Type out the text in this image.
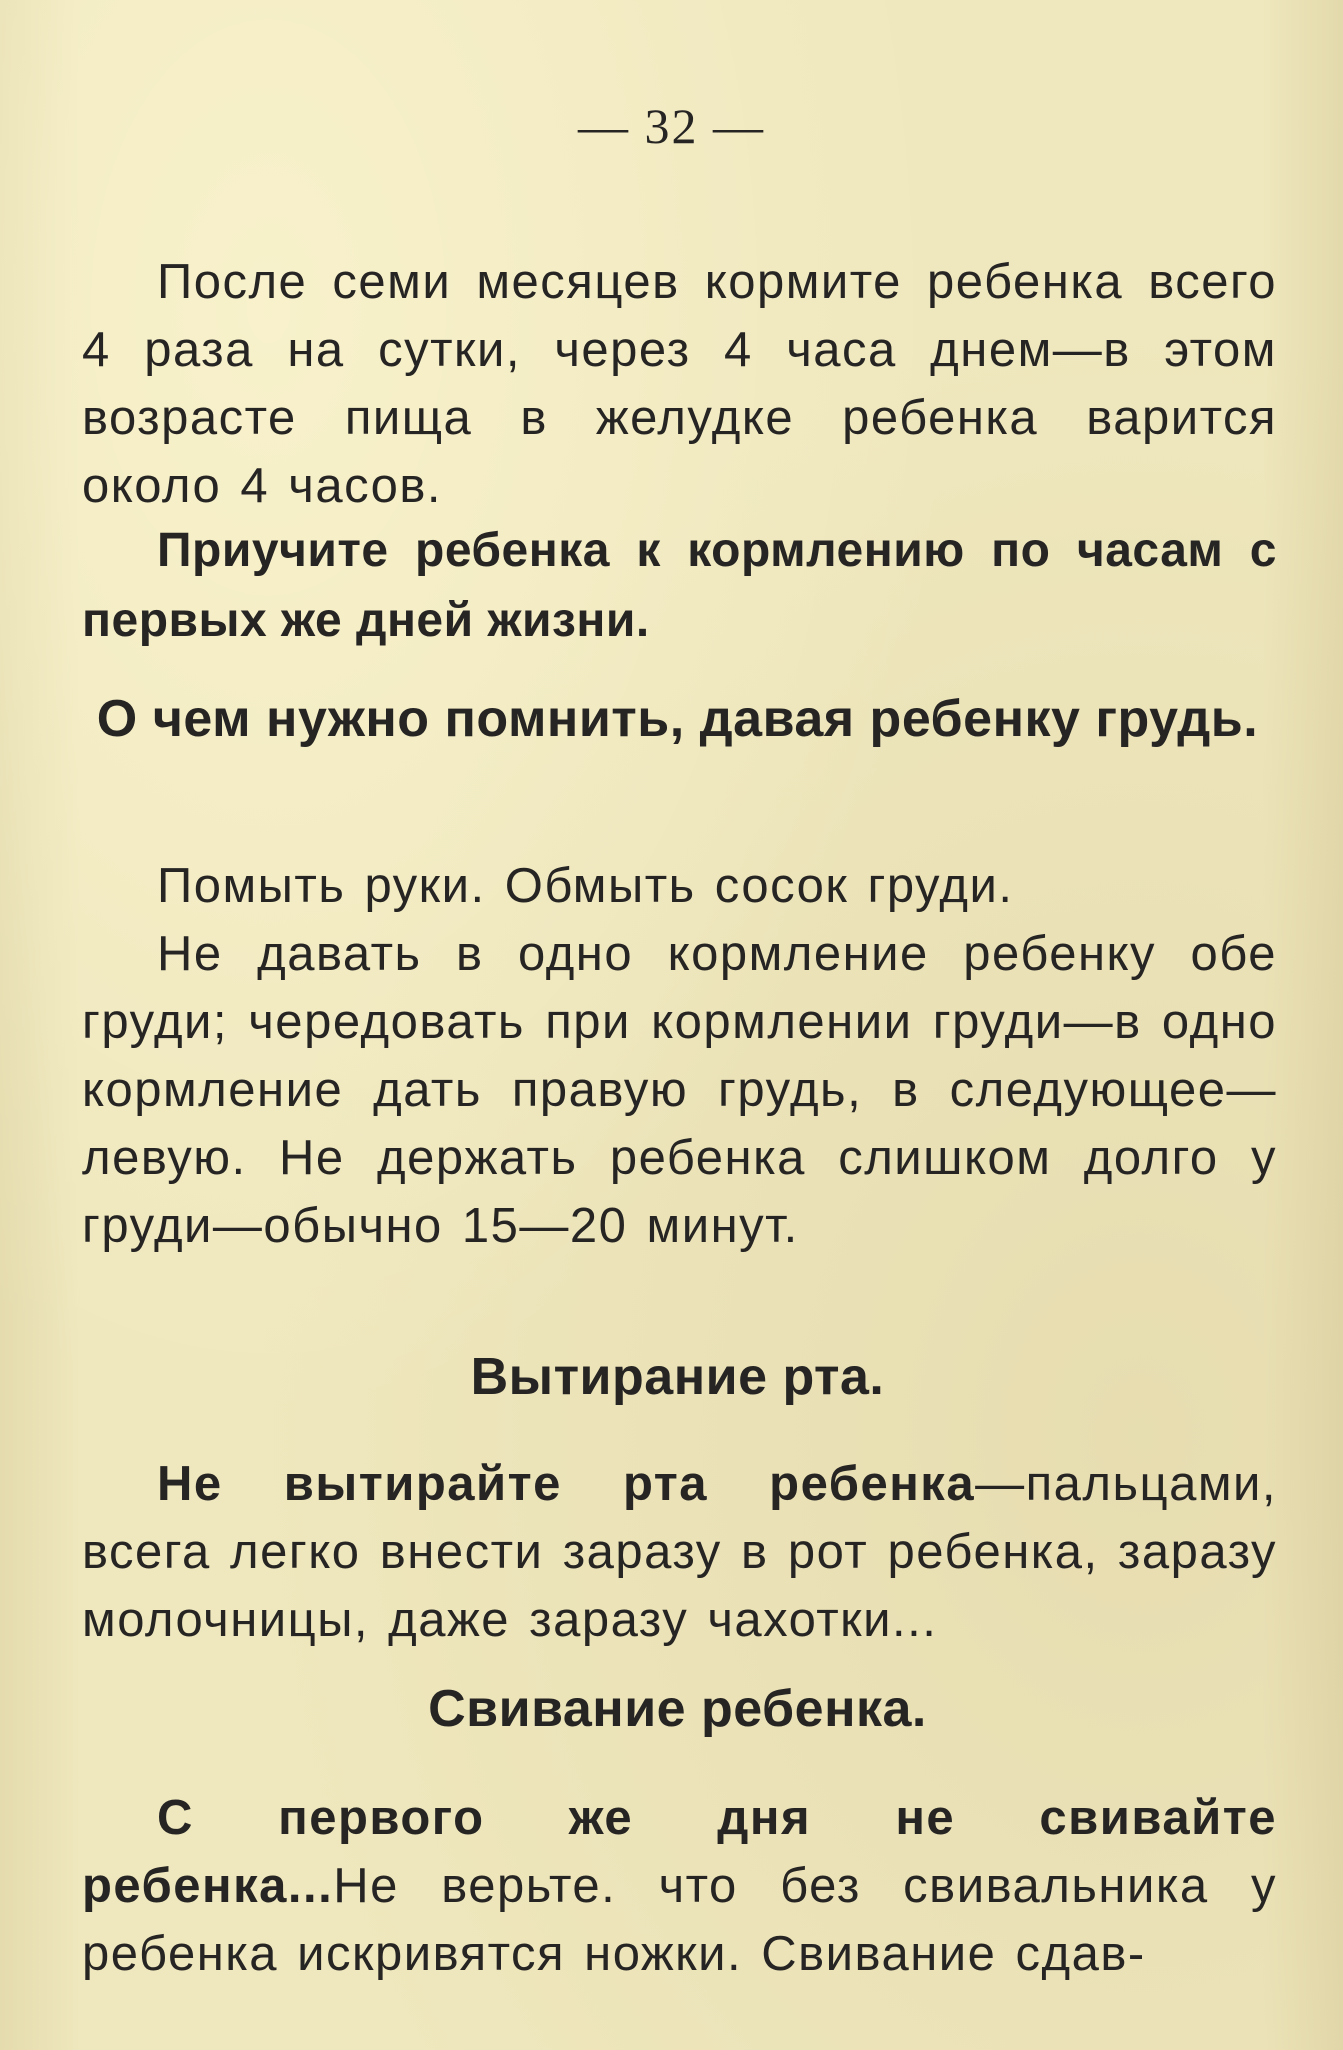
— 32 —

После семи месяцев кормите ребенка всего 4 раза на сутки, через 4 часа днем—в этом возрасте пища в желудке ребенка варится около 4 часов.

Приучите ребенка к кормлению по часам с первых же дней жизни.

О чем нужно помнить, давая ребенку грудь.

Помыть руки. Обмыть сосок груди.

Не давать в одно кормление ребенку обе груди; чередовать при кормлении груди—в одно кормление дать правую грудь, в следующее—левую. Не держать ребенка слишком долго у груди—обычно 15—20 минут.

Вытирание рта.

Не вытирайте рта ребенка—пальцами, всега легко внести заразу в рот ребенка, заразу молочницы, даже заразу чахотки...

Свивание ребенка.

С первого же дня не свивайте ребенка...Не верьте. что без свивальника у ребенка искривятся ножки. Свивание сдав-
